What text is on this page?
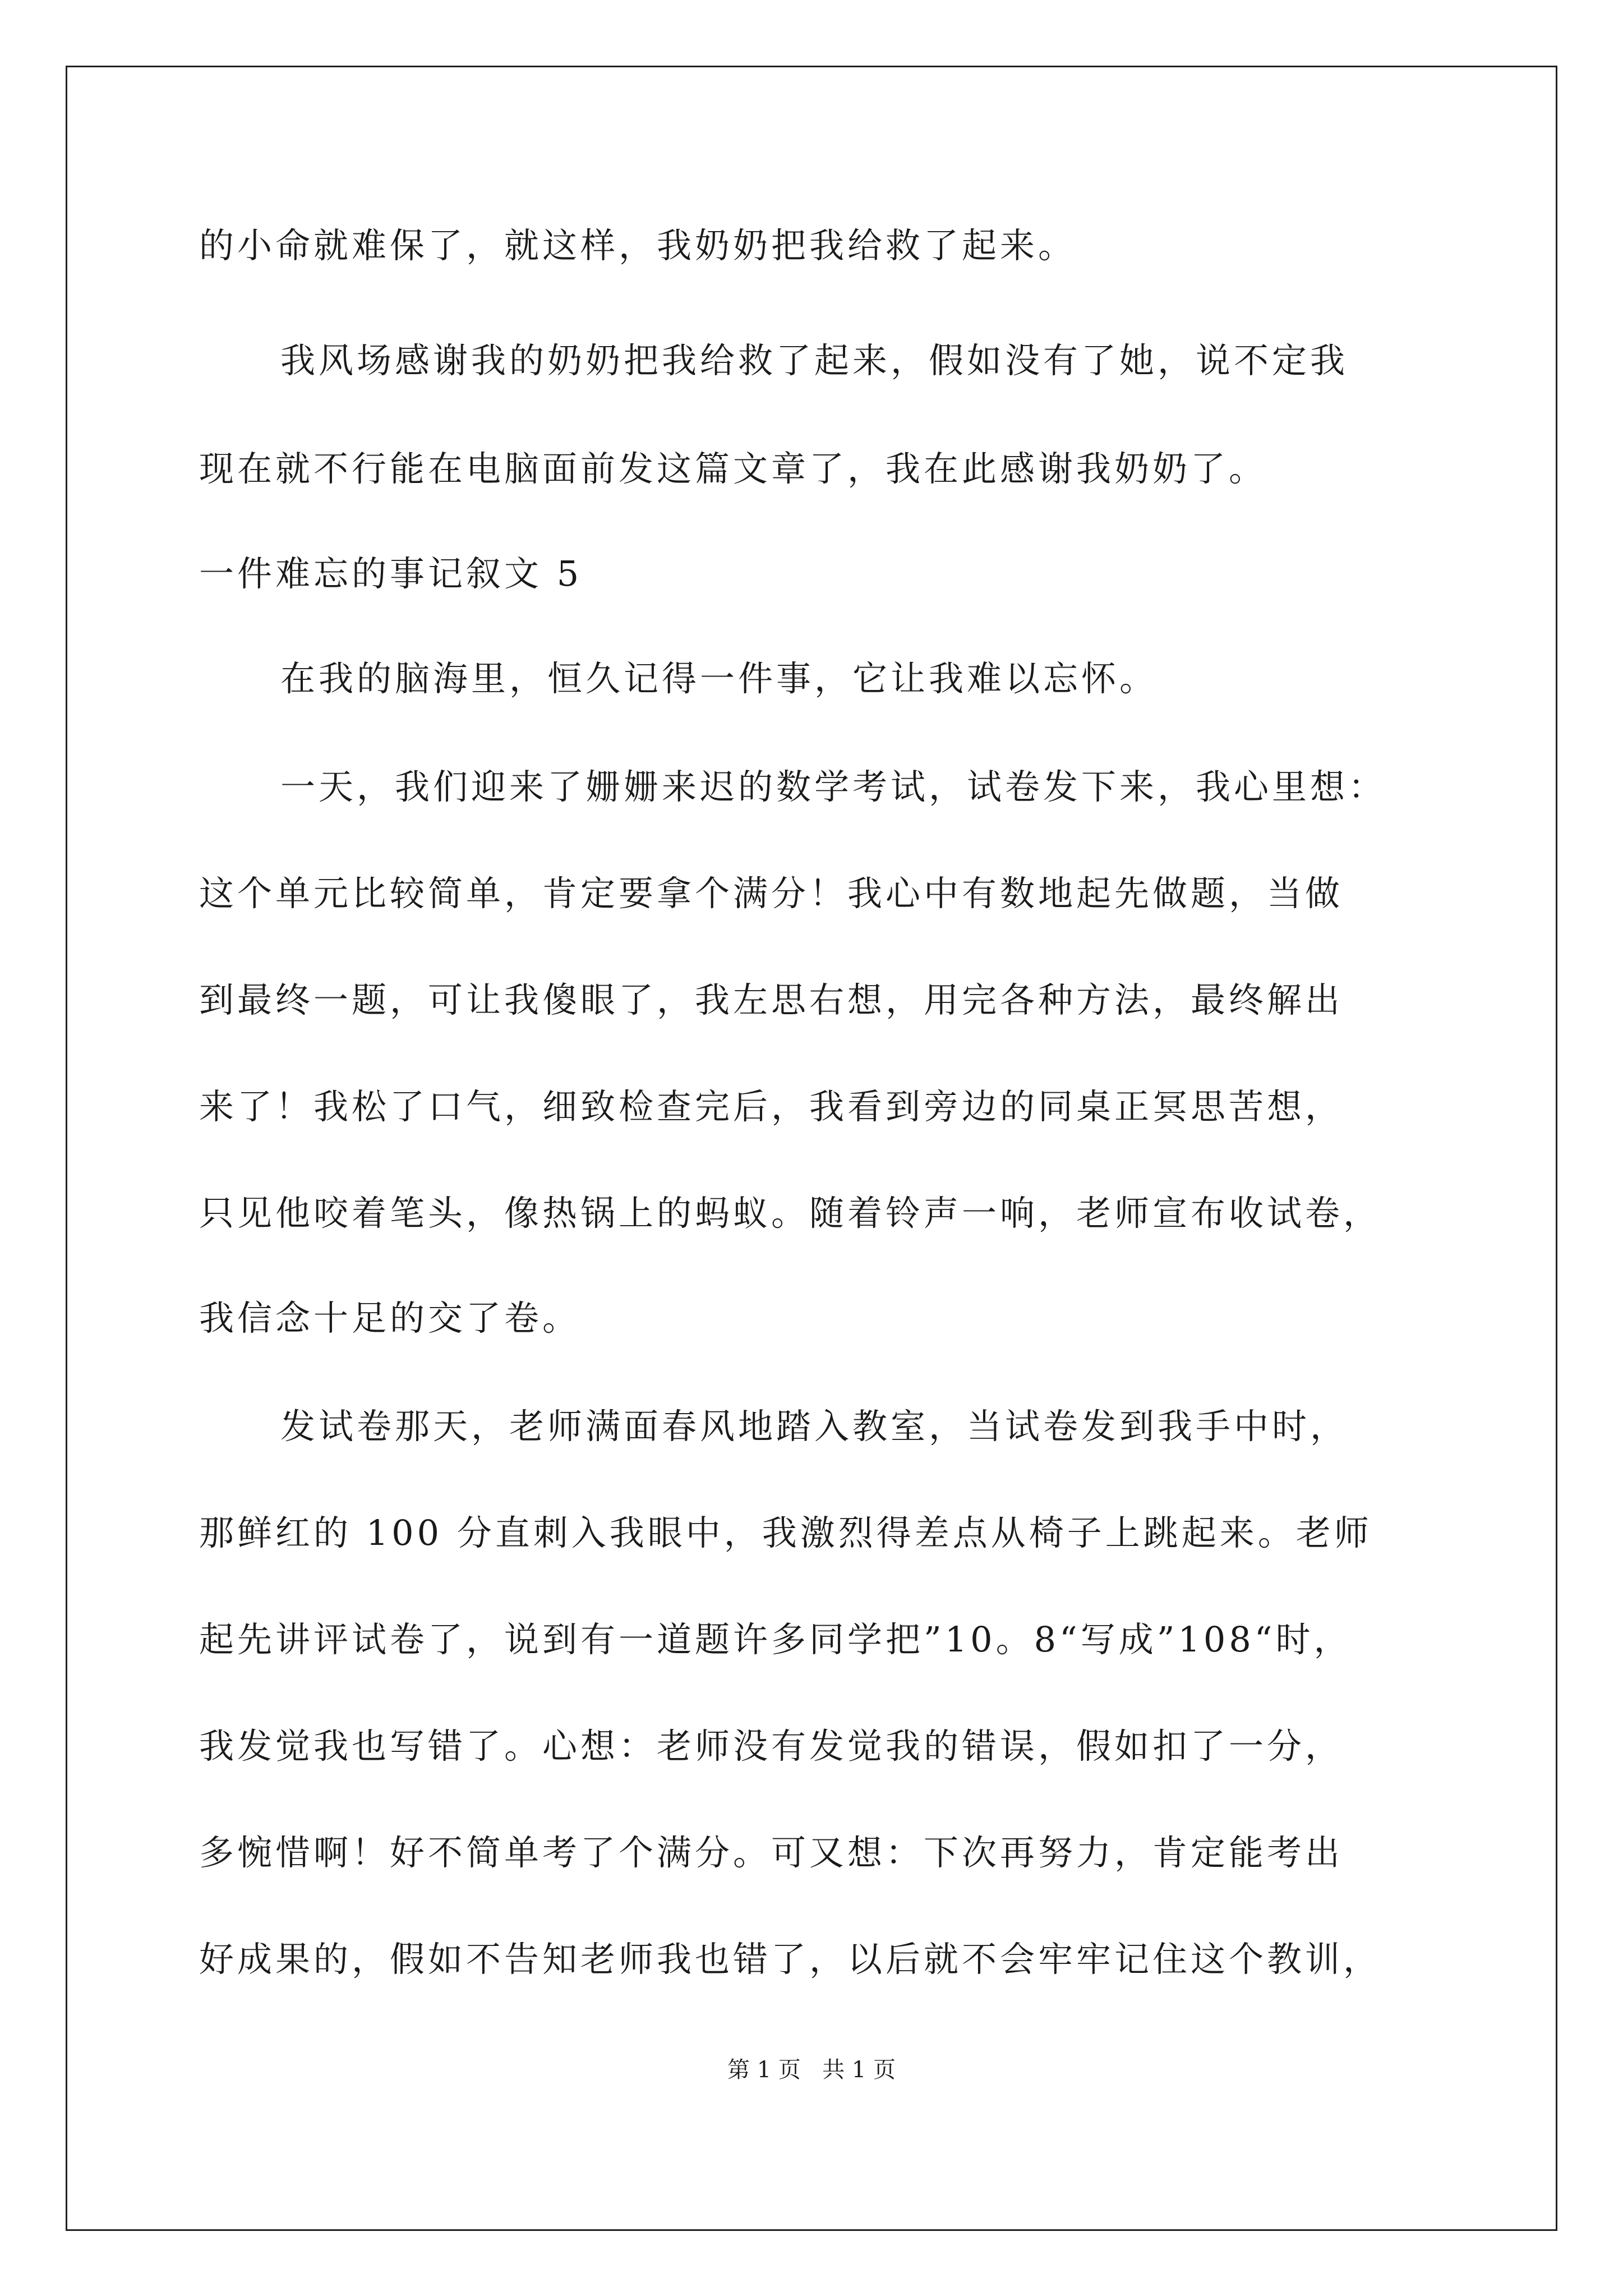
的小命就难保了，就这样，我奶奶把我给救了起来。

我风场感谢我的奶奶把我给救了起来，假如没有了她，说不定我

现在就不行能在电脑面前发这篇文章了，我在此感谢我奶奶了。

一件难忘的事记叙文 5

在我的脑海里，恒久记得一件事，它让我难以忘怀。

一天，我们迎来了姗姗来迟的数学考试，试卷发下来，我心里想：

这个单元比较简单，肯定要拿个满分！我心中有数地起先做题，当做

到最终一题，可让我傻眼了，我左思右想，用完各种方法，最终解出

来了！我松了口气，细致检查完后，我看到旁边的同桌正冥思苦想，

只见他咬着笔头，像热锅上的蚂蚁。随着铃声一响，老师宣布收试卷，

我信念十足的交了卷。

发试卷那天，老师满面春风地踏入教室，当试卷发到我手中时，

那鲜红的 100 分直刺入我眼中，我激烈得差点从椅子上跳起来。老师

起先讲评试卷了，说到有一道题许多同学把”10。8“写成”108“时，

我发觉我也写错了。心想：老师没有发觉我的错误，假如扣了一分，

多惋惜啊！好不简单考了个满分。可又想：下次再努力，肯定能考出

好成果的，假如不告知老师我也错了，以后就不会牢牢记住这个教训，

第 1 页   共 1 页
